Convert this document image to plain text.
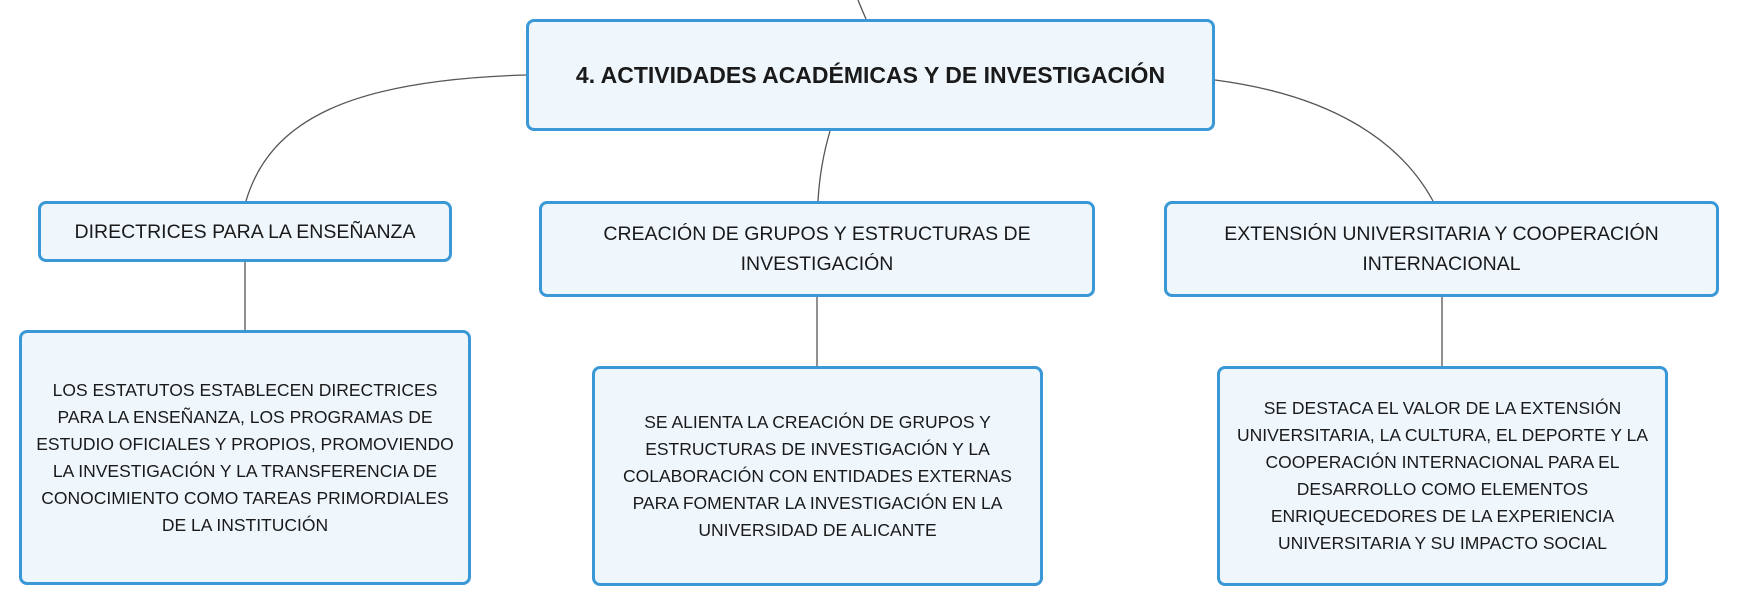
4. ACTIVIDADES ACADÉMICAS Y DE INVESTIGACIÓN
DIRECTRICES PARA LA ENSEÑANZA	CREACIÓN DE GRUPOS Y ESTRUCTURAS DE INVESTIGACIÓN
EXTENSIÓN UNIVERSITARIA Y COOPERACIÓN INTERNACIONAL
LOS ESTATUTOS ESTABLECEN DIRECTRICES PARA LA ENSEÑANZA, LOS PROGRAMAS DE ESTUDIO OFICIALES Y PROPIOS, PROMOVIENDO LA INVESTIGACIÓN Y LA TRANSFERENCIA DE CONOCIMIENTO COMO TAREAS PRIMORDIALES DE LA INSTITUCIÓN
SE ALIENTA LA CREACIÓN DE GRUPOS Y ESTRUCTURAS DE INVESTIGACIÓN Y LA COLABORACIÓN CON ENTIDADES EXTERNAS PARA FOMENTAR LA INVESTIGACIÓN EN LA UNIVERSIDAD DE ALICANTE
SE DESTACA EL VALOR DE LA EXTENSIÓN UNIVERSITARIA, LA CULTURA, EL DEPORTE Y LA COOPERACIÓN INTERNACIONAL PARA EL DESARROLLO COMO ELEMENTOS ENRIQUECEDORES DE LA EXPERIENCIA UNIVERSITARIA Y SU IMPACTO SOCIAL
